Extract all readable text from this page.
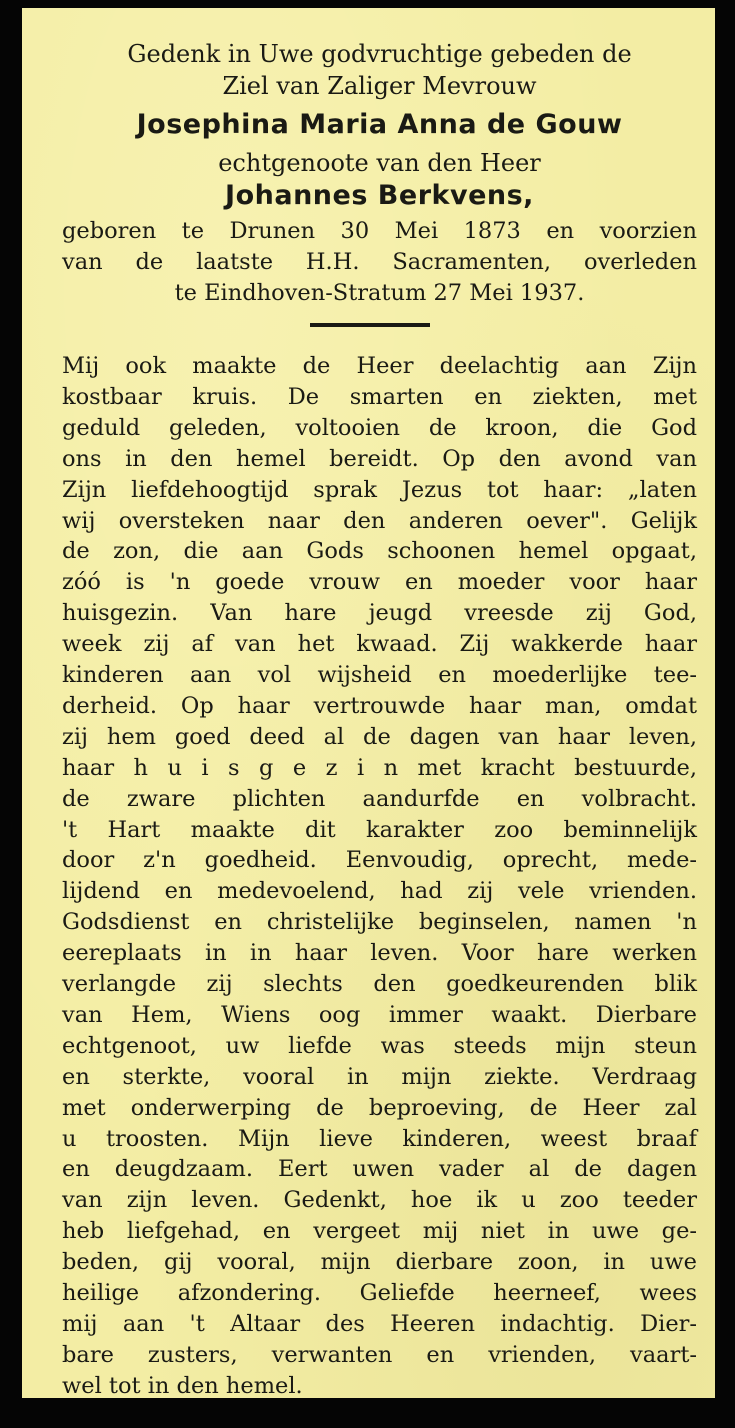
Gedenk in Uwe godvruchtige gebeden de

Ziel van Zaliger Mevrouw

Josephina Maria Anna de Gouw

echtgenoote van den Heer

Johannes Berkvens,

geboren te Drunen 30 Mei 1873 en voorzien

van de laatste H.H. Sacramenten, overleden

te Eindhoven-Stratum 27 Mei 1937.

Mij ook maakte de Heer deelachtig aan Zijn

kostbaar kruis. De smarten en ziekten, met

geduld geleden, voltooien de kroon, die God

ons in den hemel bereidt. Op den avond van

Zijn liefdehoogtijd sprak Jezus tot haar: „laten

wij oversteken naar den anderen oever". Gelijk

de zon, die aan Gods schoonen hemel opgaat,

zóó is 'n goede vrouw en moeder voor haar

huisgezin. Van hare jeugd vreesde zij God,

week zij af van het kwaad. Zij wakkerde haar

kinderen aan vol wijsheid en moederlijke tee-

derheid. Op haar vertrouwde haar man, omdat

zij hem goed deed al de dagen van haar leven,

haar h u i s g e z i n met kracht bestuurde,

de zware plichten aandurfde en volbracht.

't Hart maakte dit karakter zoo beminnelijk

door z'n goedheid. Eenvoudig, oprecht, mede-

lijdend en medevoelend, had zij vele vrienden.

Godsdienst en christelijke beginselen, namen 'n

eereplaats in in haar leven. Voor hare werken

verlangde zij slechts den goedkeurenden blik

van Hem, Wiens oog immer waakt. Dierbare

echtgenoot, uw liefde was steeds mijn steun

en sterkte, vooral in mijn ziekte. Verdraag

met onderwerping de beproeving, de Heer zal

u troosten. Mijn lieve kinderen, weest braaf

en deugdzaam. Eert uwen vader al de dagen

van zijn leven. Gedenkt, hoe ik u zoo teeder

heb liefgehad, en vergeet mij niet in uwe ge-

beden, gij vooral, mijn dierbare zoon, in uwe

heilige afzondering. Geliefde heerneef, wees

mij aan 't Altaar des Heeren indachtig. Dier-

bare zusters, verwanten en vrienden, vaart-

wel tot in den hemel.
